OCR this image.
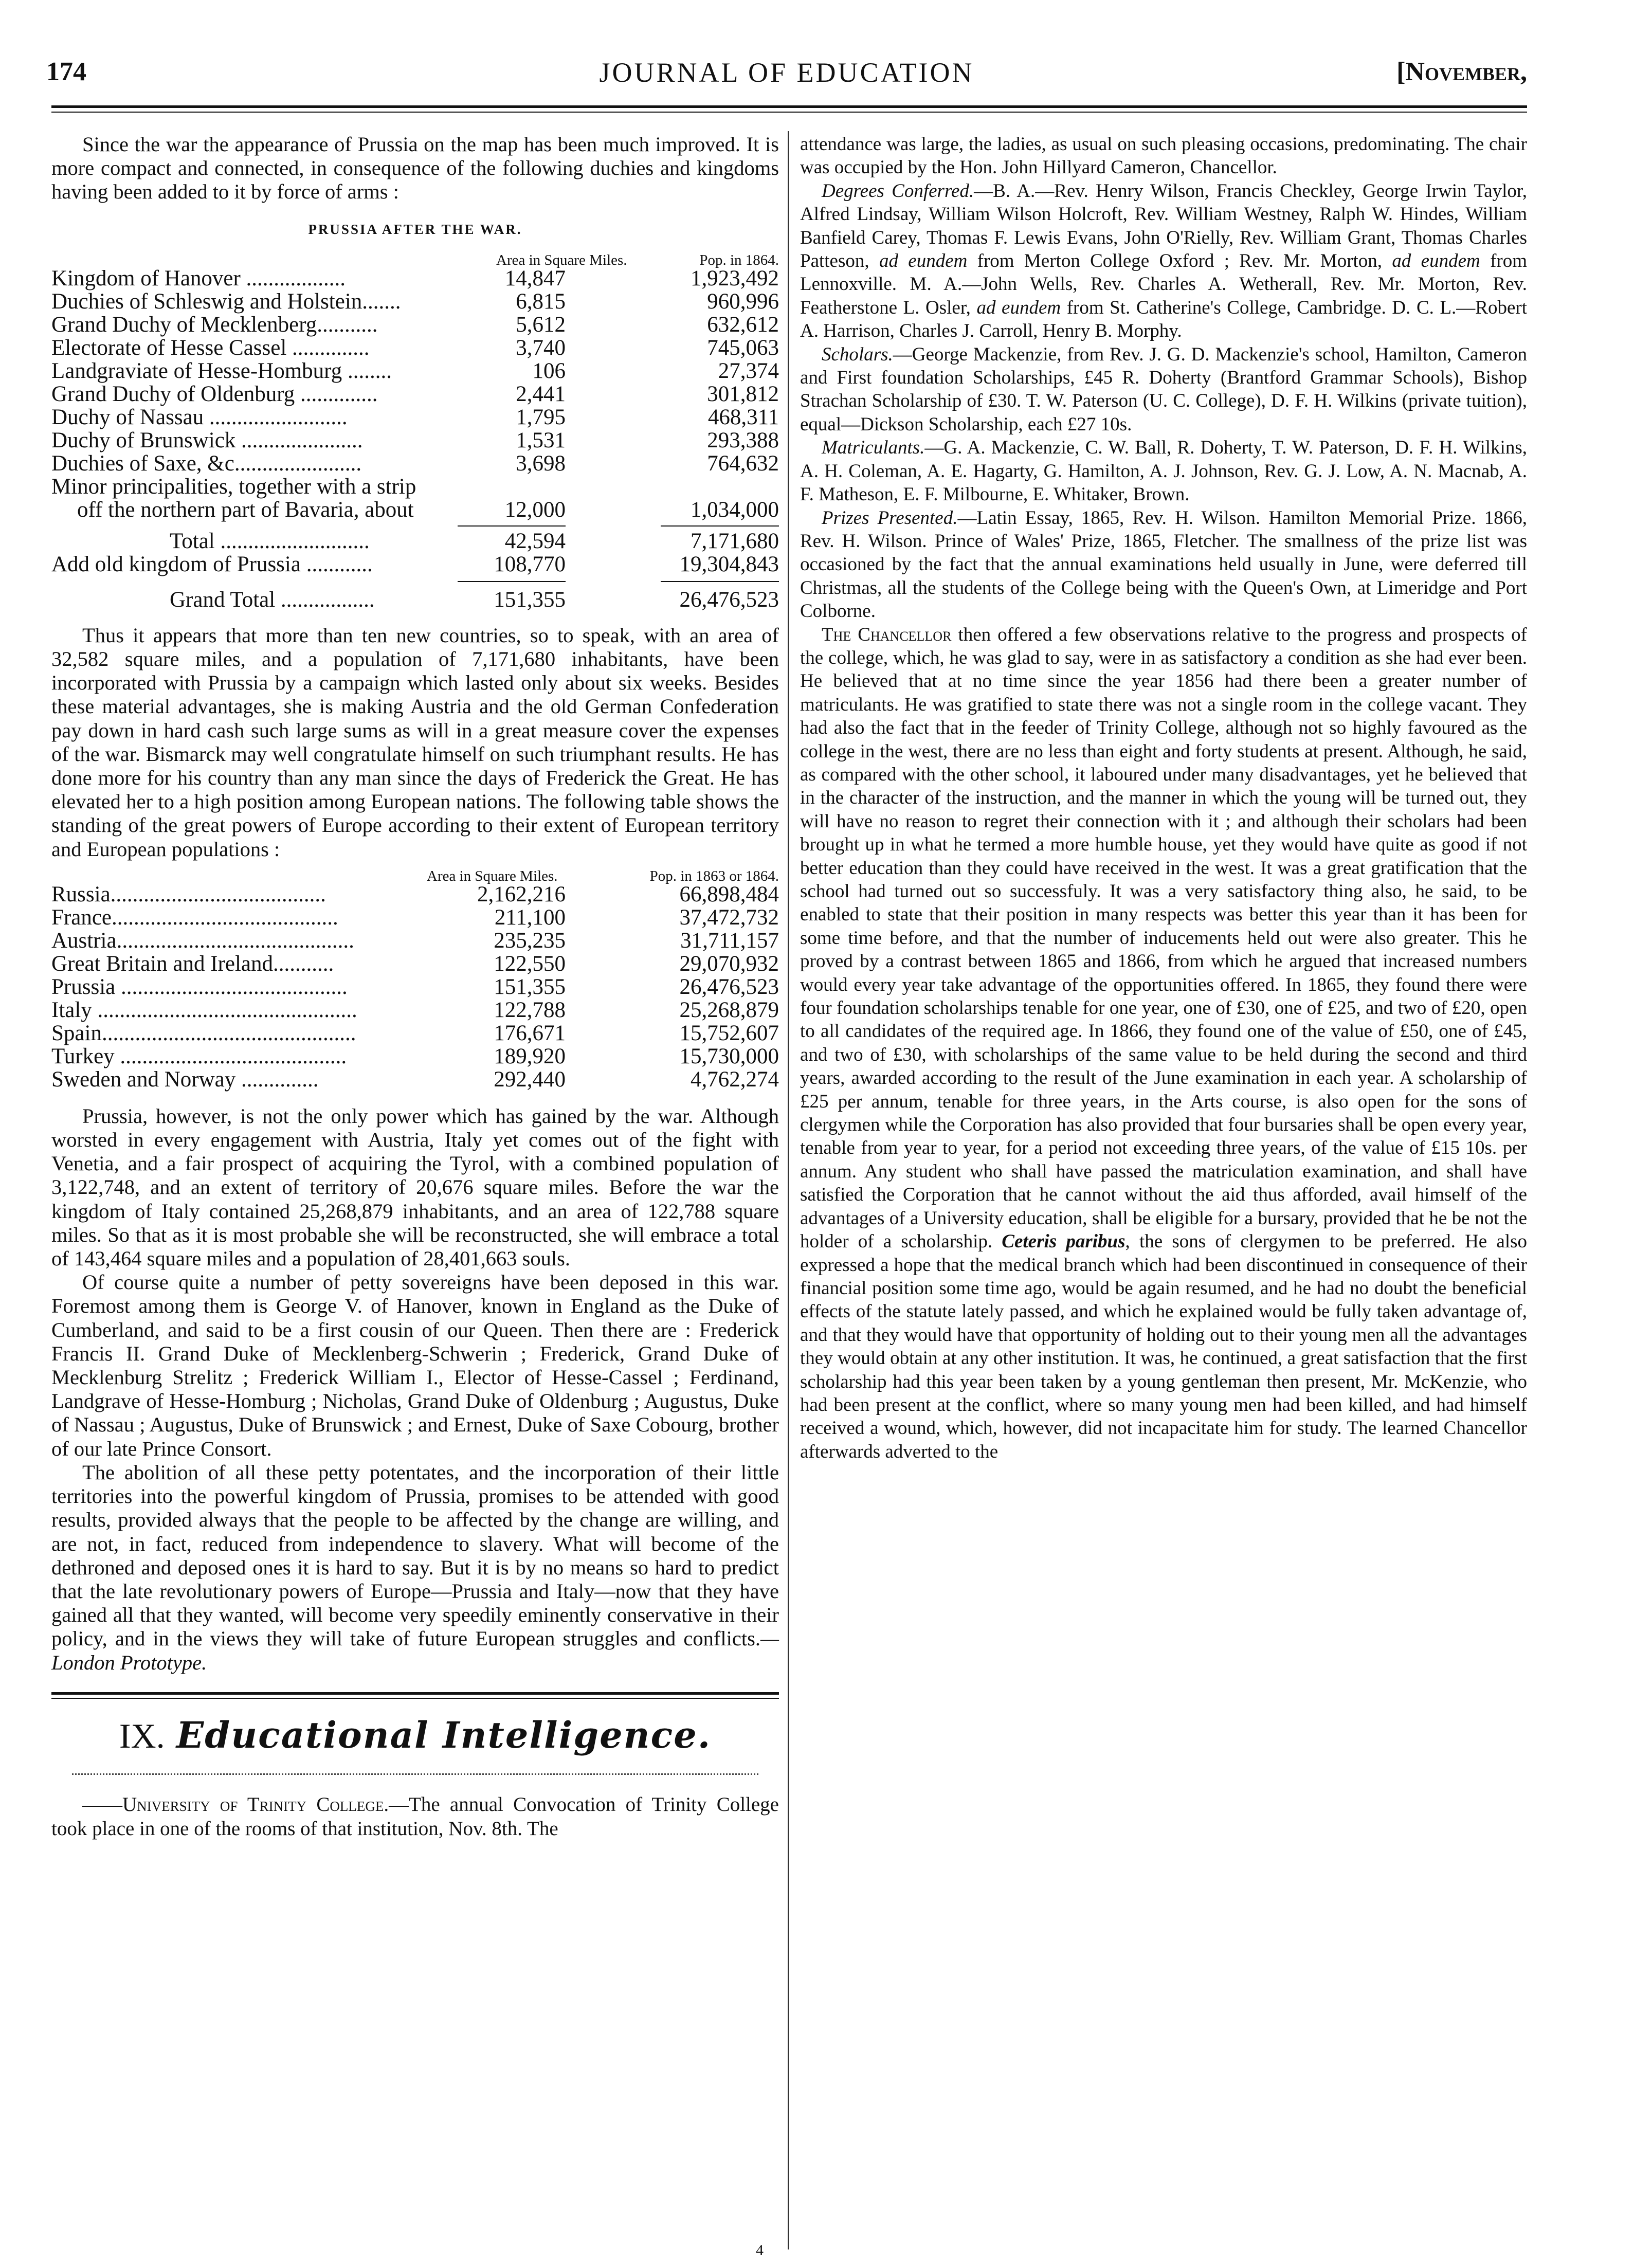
174	JOURNAL OF EDUCATION	[November,

Since the war the appearance of Prussia on the map has been much improved. It is more compact and connected, in consequence of the following duchies and kingdoms having been added to it by force of arms :

PRUSSIA AFTER THE WAR.
Area in Square Miles.	Pop. in 1864.
Kingdom of Hanover ..................	14,847	1,923,492
Duchies of Schleswig and Holstein.......	6,815	960,996
Grand Duchy of Mecklenberg...........	5,612	632,612
Electorate of Hesse Cassel ..............	3,740	745,063
Landgraviate of Hesse-Homburg ........	106	27,374
Grand Duchy of Oldenburg ..............	2,441	301,812
Duchy of Nassau .........................	1,795	468,311
Duchy of Brunswick ......................	1,531	293,388
Duchies of Saxe, &c.......................	3,698	764,632
Minor principalities, together with a strip
off the northern part of Bavaria, about	12,000	1,034,000
Total ...........................	42,594	7,171,680
Add old kingdom of Prussia ............	108,770	19,304,843
Grand Total .................	151,355	26,476,523

Thus it appears that more than ten new countries, so to speak, with an area of 32,582 square miles, and a population of 7,171,680 inhabitants, have been incorporated with Prussia by a campaign which lasted only about six weeks. Besides these material advantages, she is making Austria and the old German Confederation pay down in hard cash such large sums as will in a great measure cover the expenses of the war. Bismarck may well congratulate himself on such triumphant results. He has done more for his country than any man since the days of Frederick the Great. He has elevated her to a high position among European nations. The following table shows the standing of the great powers of Europe according to their extent of European territory and European populations :

Area in Square Miles.	Pop. in 1863 or 1864.
Russia.......................................	2,162,216	66,898,484
France.........................................	211,100	37,472,732
Austria...........................................	235,235	31,711,157
Great Britain and Ireland...........	122,550	29,070,932
Prussia .........................................	151,355	26,476,523
Italy ...............................................	122,788	25,268,879
Spain..............................................	176,671	15,752,607
Turkey .........................................	189,920	15,730,000
Sweden and Norway ..............	292,440	4,762,274

Prussia, however, is not the only power which has gained by the war. Although worsted in every engagement with Austria, Italy yet comes out of the fight with Venetia, and a fair prospect of acquiring the Tyrol, with a combined population of 3,122,748, and an extent of territory of 20,676 square miles. Before the war the kingdom of Italy contained 25,268,879 inhabitants, and an area of 122,788 square miles. So that as it is most probable she will be reconstructed, she will embrace a total of 143,464 square miles and a population of 28,401,663 souls.

Of course quite a number of petty sovereigns have been deposed in this war. Foremost among them is George V. of Hanover, known in England as the Duke of Cumberland, and said to be a first cousin of our Queen. Then there are : Frederick Francis II. Grand Duke of Mecklenberg-Schwerin ; Frederick, Grand Duke of Mecklenburg Strelitz ; Frederick William I., Elector of Hesse-Cassel ; Ferdinand, Landgrave of Hesse-Homburg ; Nicholas, Grand Duke of Oldenburg ; Augustus, Duke of Nassau ; Augustus, Duke of Brunswick ; and Ernest, Duke of Saxe Cobourg, brother of our late Prince Consort.

The abolition of all these petty potentates, and the incorporation of their little territories into the powerful kingdom of Prussia, promises to be attended with good results, provided always that the people to be affected by the change are willing, and are not, in fact, reduced from independence to slavery. What will become of the dethroned and deposed ones it is hard to say. But it is by no means so hard to predict that the late revolutionary powers of Europe—Prussia and Italy—now that they have gained all that they wanted, will become very speedily eminently conservative in their policy, and in the views they will take of future European struggles and conflicts.—London Prototype.

IX. Educational Intelligence.

——University of Trinity College.—The annual Convocation of Trinity College took place in one of the rooms of that institution, Nov. 8th. The

attendance was large, the ladies, as usual on such pleasing occasions, predominating. The chair was occupied by the Hon. John Hillyard Cameron, Chancellor.

Degrees Conferred.—B. A.—Rev. Henry Wilson, Francis Checkley, George Irwin Taylor, Alfred Lindsay, William Wilson Holcroft, Rev. William Westney, Ralph W. Hindes, William Banfield Carey, Thomas F. Lewis Evans, John O'Rielly, Rev. William Grant, Thomas Charles Patteson, ad eundem from Merton College Oxford ; Rev. Mr. Morton, ad eundem from Lennoxville. M. A.—John Wells, Rev. Charles A. Wetherall, Rev. Mr. Morton, Rev. Featherstone L. Osler, ad eundem from St. Catherine's College, Cambridge. D. C. L.—Robert A. Harrison, Charles J. Carroll, Henry B. Morphy.

Scholars.—George Mackenzie, from Rev. J. G. D. Mackenzie's school, Hamilton, Cameron and First foundation Scholarships, £45 R. Doherty (Brantford Grammar Schools), Bishop Strachan Scholarship of £30. T. W. Paterson (U. C. College), D. F. H. Wilkins (private tuition), equal—Dickson Scholarship, each £27 10s.

Matriculants.—G. A. Mackenzie, C. W. Ball, R. Doherty, T. W. Paterson, D. F. H. Wilkins, A. H. Coleman, A. E. Hagarty, G. Hamilton, A. J. Johnson, Rev. G. J. Low, A. N. Macnab, A. F. Matheson, E. F. Milbourne, E. Whitaker, Brown.

Prizes Presented.—Latin Essay, 1865, Rev. H. Wilson. Hamilton Memorial Prize. 1866, Rev. H. Wilson. Prince of Wales' Prize, 1865, Fletcher. The smallness of the prize list was occasioned by the fact that the annual examinations held usually in June, were deferred till Christmas, all the students of the College being with the Queen's Own, at Limeridge and Port Colborne.

The Chancellor then offered a few observations relative to the progress and prospects of the college, which, he was glad to say, were in as satisfactory a condition as she had ever been. He believed that at no time since the year 1856 had there been a greater number of matriculants. He was gratified to state there was not a single room in the college vacant. They had also the fact that in the feeder of Trinity College, although not so highly favoured as the college in the west, there are no less than eight and forty students at present. Although, he said, as compared with the other school, it laboured under many disadvantages, yet he believed that in the character of the instruction, and the manner in which the young will be turned out, they will have no reason to regret their connection with it ; and although their scholars had been brought up in what he termed a more humble house, yet they would have quite as good if not better education than they could have received in the west. It was a great gratification that the school had turned out so successfuly. It was a very satisfactory thing also, he said, to be enabled to state that their position in many respects was better this year than it has been for some time before, and that the number of inducements held out were also greater. This he proved by a contrast between 1865 and 1866, from which he argued that increased numbers would every year take advantage of the opportunities offered. In 1865, they found there were four foundation scholarships tenable for one year, one of £30, one of £25, and two of £20, open to all candidates of the required age. In 1866, they found one of the value of £50, one of £45, and two of £30, with scholarships of the same value to be held during the second and third years, awarded according to the result of the June examination in each year. A scholarship of £25 per annum, tenable for three years, in the Arts course, is also open for the sons of clergymen while the Corporation has also provided that four bursaries shall be open every year, tenable from year to year, for a period not exceeding three years, of the value of £15 10s. per annum. Any student who shall have passed the matriculation examination, and shall have satisfied the Corporation that he cannot without the aid thus afforded, avail himself of the advantages of a University education, shall be eligible for a bursary, provided that he be not the holder of a scholarship. Ceteris paribus, the sons of clergymen to be preferred. He also expressed a hope that the medical branch which had been discontinued in consequence of their financial position some time ago, would be again resumed, and he had no doubt the beneficial effects of the statute lately passed, and which he explained would be fully taken advantage of, and that they would have that opportunity of holding out to their young men all the advantages they would obtain at any other institution. It was, he continued, a great satisfaction that the first scholarship had this year been taken by a young gentleman then present, Mr. McKenzie, who had been present at the conflict, where so many young men had been killed, and had himself received a wound, which, however, did not incapacitate him for study. The learned Chancellor afterwards adverted to the

4
